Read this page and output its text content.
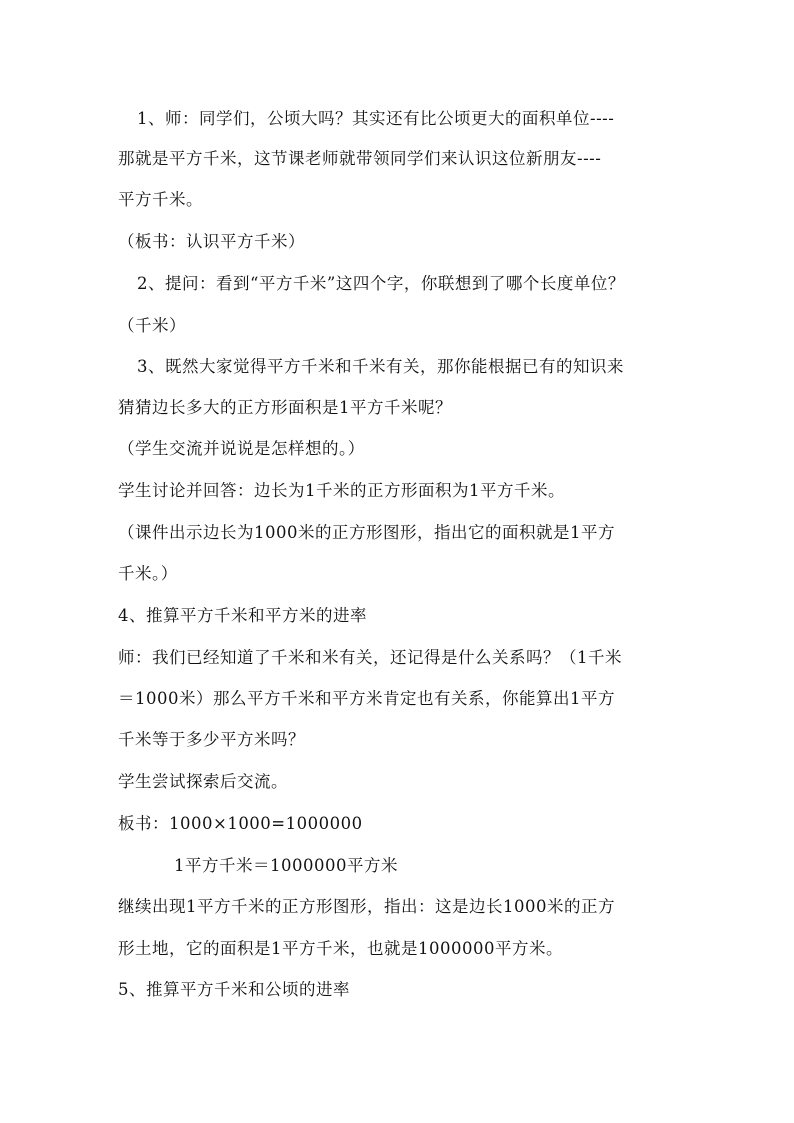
1、师：同学们，公顷大吗？其实还有比公顷更大的面积单位----
那就是平方千米，这节课老师就带领同学们来认识这位新朋友----
平方千米。
（板书：认识平方千米）
2、提问：看到“平方千米”这四个字，你联想到了哪个长度单位？
（千米）
3、既然大家觉得平方千米和千米有关，那你能根据已有的知识来
猜猜边长多大的正方形面积是1平方千米呢？
（学生交流并说说是怎样想的。）
学生讨论并回答：边长为1千米的正方形面积为1平方千米。
（课件出示边长为1000米的正方形图形，指出它的面积就是1平方
千米。）
4、推算平方千米和平方米的进率
师：我们已经知道了千米和米有关，还记得是什么关系吗？（1千米
＝1000米）那么平方千米和平方米肯定也有关系，你能算出1平方
千米等于多少平方米吗？
学生尝试探索后交流。
板书：1000×1000=1000000
1平方千米＝1000000平方米
继续出现1平方千米的正方形图形，指出：这是边长1000米的正方
形土地，它的面积是1平方千米，也就是1000000平方米。
5、推算平方千米和公顷的进率
